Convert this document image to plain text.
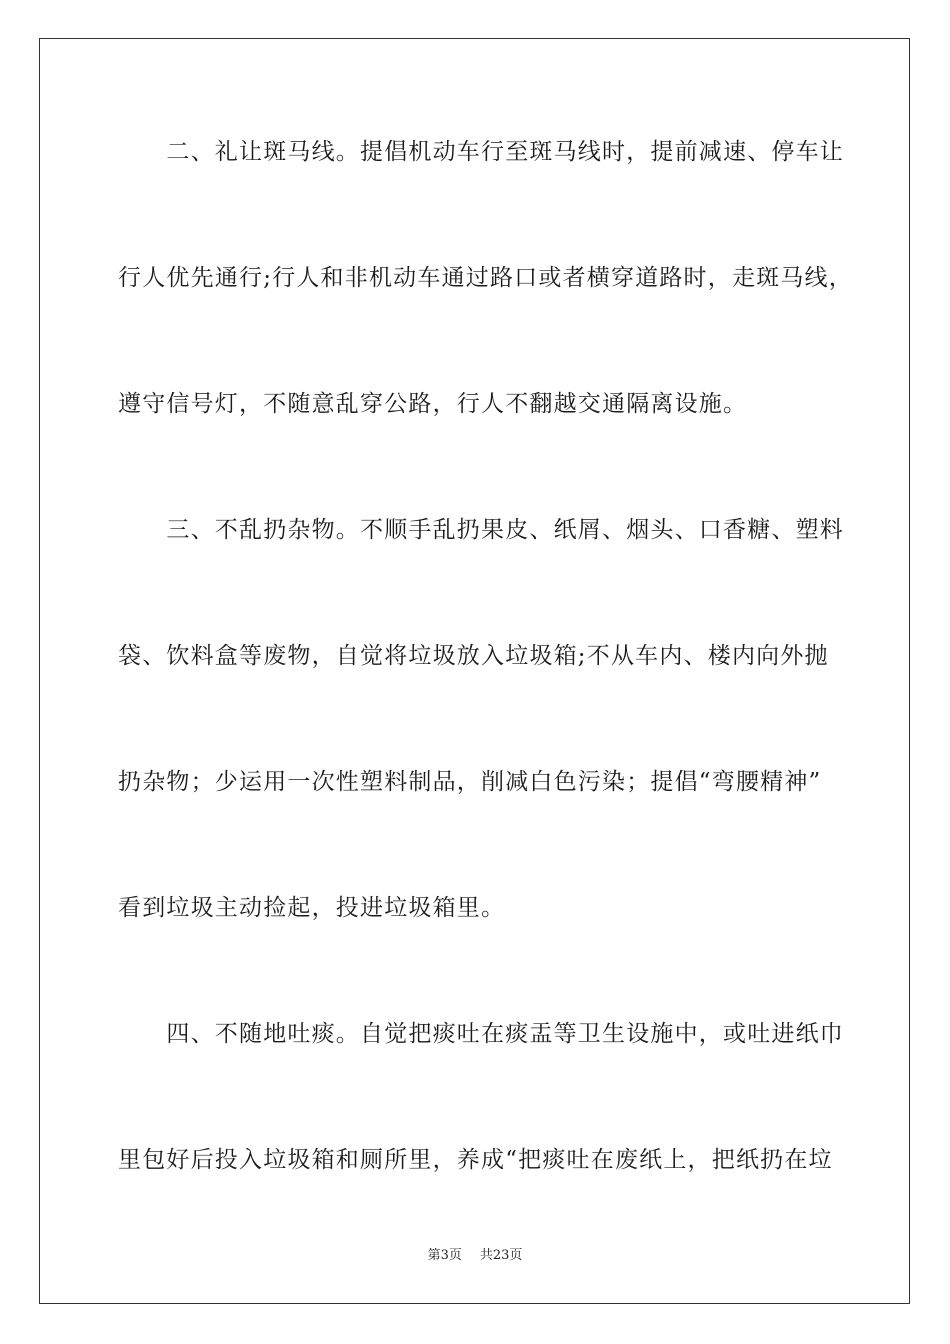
　　二、礼让斑马线。提倡机动车行至斑马线时，提前减速、停车让
行人优先通行;行人和非机动车通过路口或者横穿道路时，走斑马线，
遵守信号灯，不随意乱穿公路，行人不翻越交通隔离设施。
　　三、不乱扔杂物。不顺手乱扔果皮、纸屑、烟头、口香糖、塑料
袋、饮料盒等废物，自觉将垃圾放入垃圾箱;不从车内、楼内向外抛
扔杂物；少运用一次性塑料制品，削减白色污染；提倡“弯腰精神”
看到垃圾主动捡起，投进垃圾箱里。
　　四、不随地吐痰。自觉把痰吐在痰盂等卫生设施中，或吐进纸巾
里包好后投入垃圾箱和厕所里，养成“把痰吐在废纸上，把纸扔在垃
第3页 共23页
